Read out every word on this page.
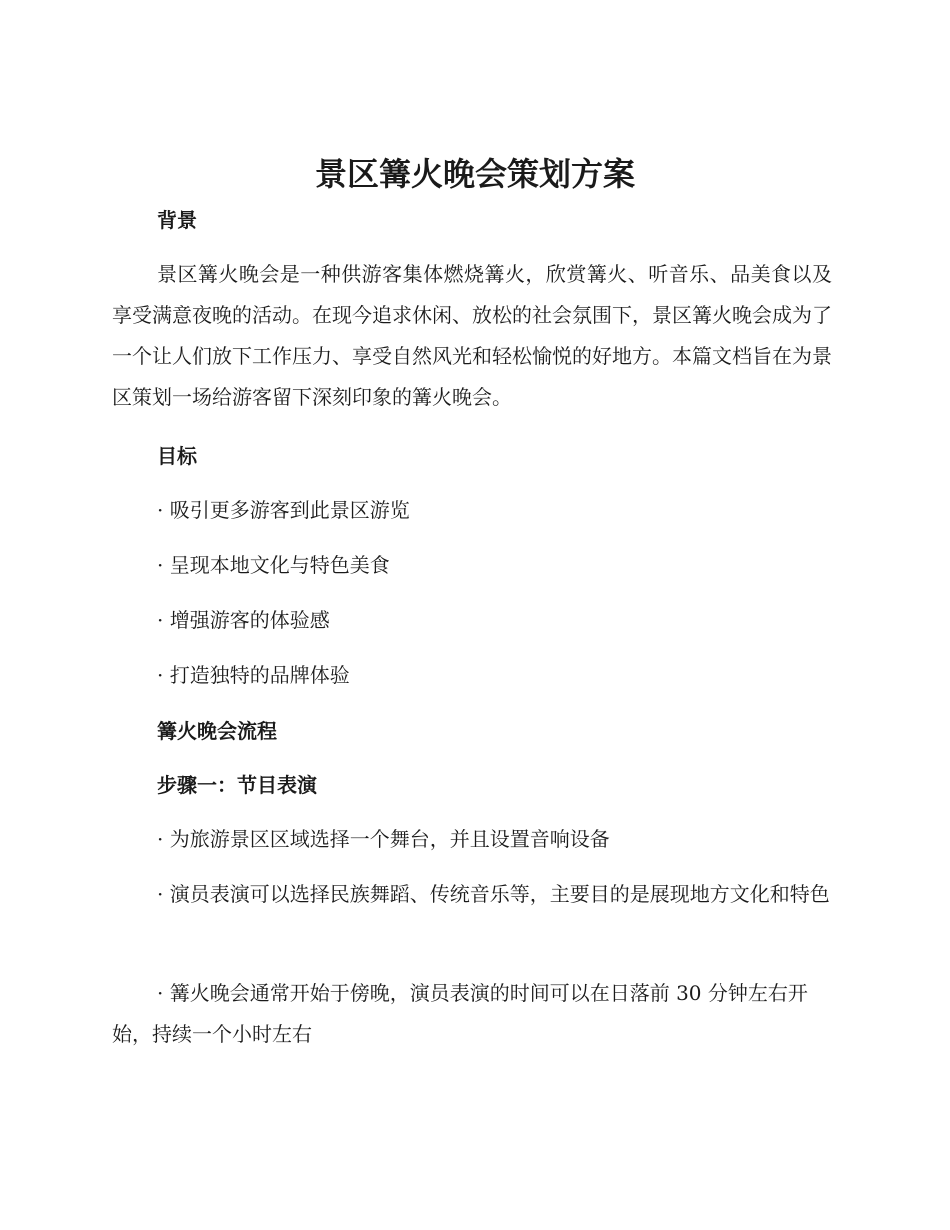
景区篝火晚会策划方案
背景

景区篝火晚会是一种供游客集体燃烧篝火，欣赏篝火、听音乐、品美食以及享受满意夜晚的活动。在现今追求休闲、放松的社会氛围下，景区篝火晚会成为了一个让人们放下工作压力、享受自然风光和轻松愉悦的好地方。本篇文档旨在为景区策划一场给游客留下深刻印象的篝火晚会。

目标

· 吸引更多游客到此景区游览

· 呈现本地文化与特色美食

· 增强游客的体验感

· 打造独特的品牌体验

篝火晚会流程
步骤一：节目表演

· 为旅游景区区域选择一个舞台，并且设置音响设备

· 演员表演可以选择民族舞蹈、传统音乐等，主要目的是展现地方文化和特色

· 篝火晚会通常开始于傍晚，演员表演的时间可以在日落前 30 分钟左右开始，持续一个小时左右
